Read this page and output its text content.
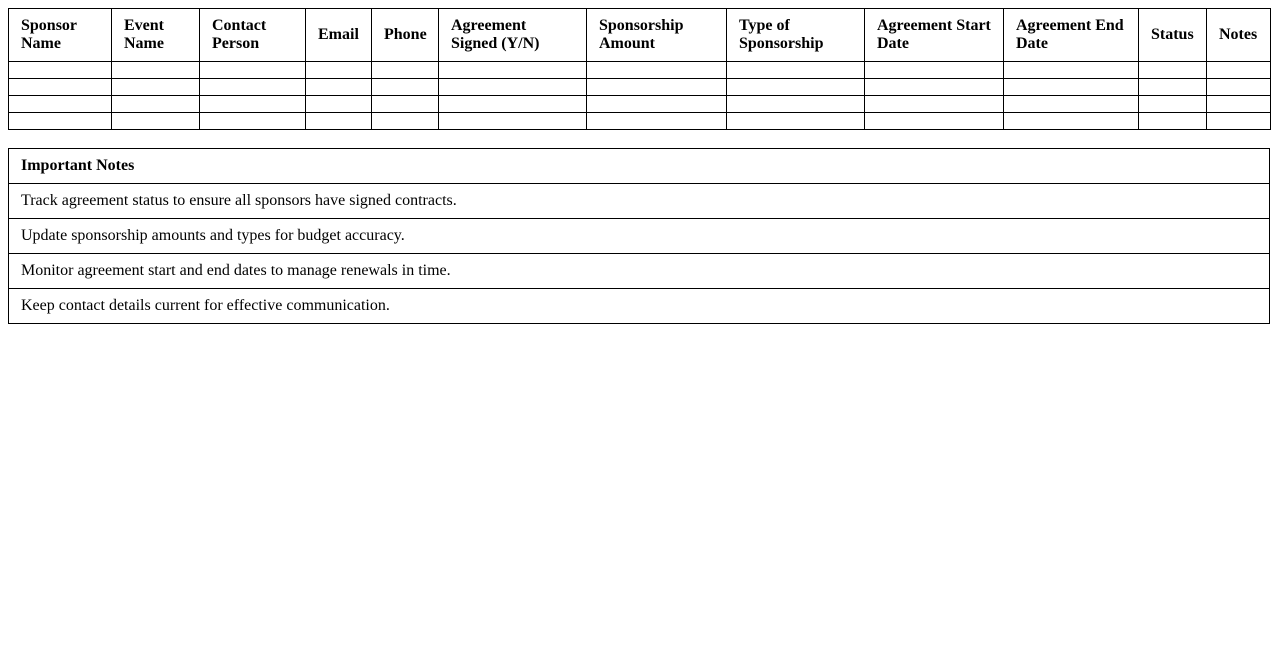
Sponsor Name	Event Name	Contact Person	Email	Phone	Agreement Signed (Y/N)	Sponsorship Amount	Type of Sponsorship	Agreement Start Date	Agreement End Date	Status	Notes

Important Notes
Track agreement status to ensure all sponsors have signed contracts.
Update sponsorship amounts and types for budget accuracy.
Monitor agreement start and end dates to manage renewals in time.
Keep contact details current for effective communication.
